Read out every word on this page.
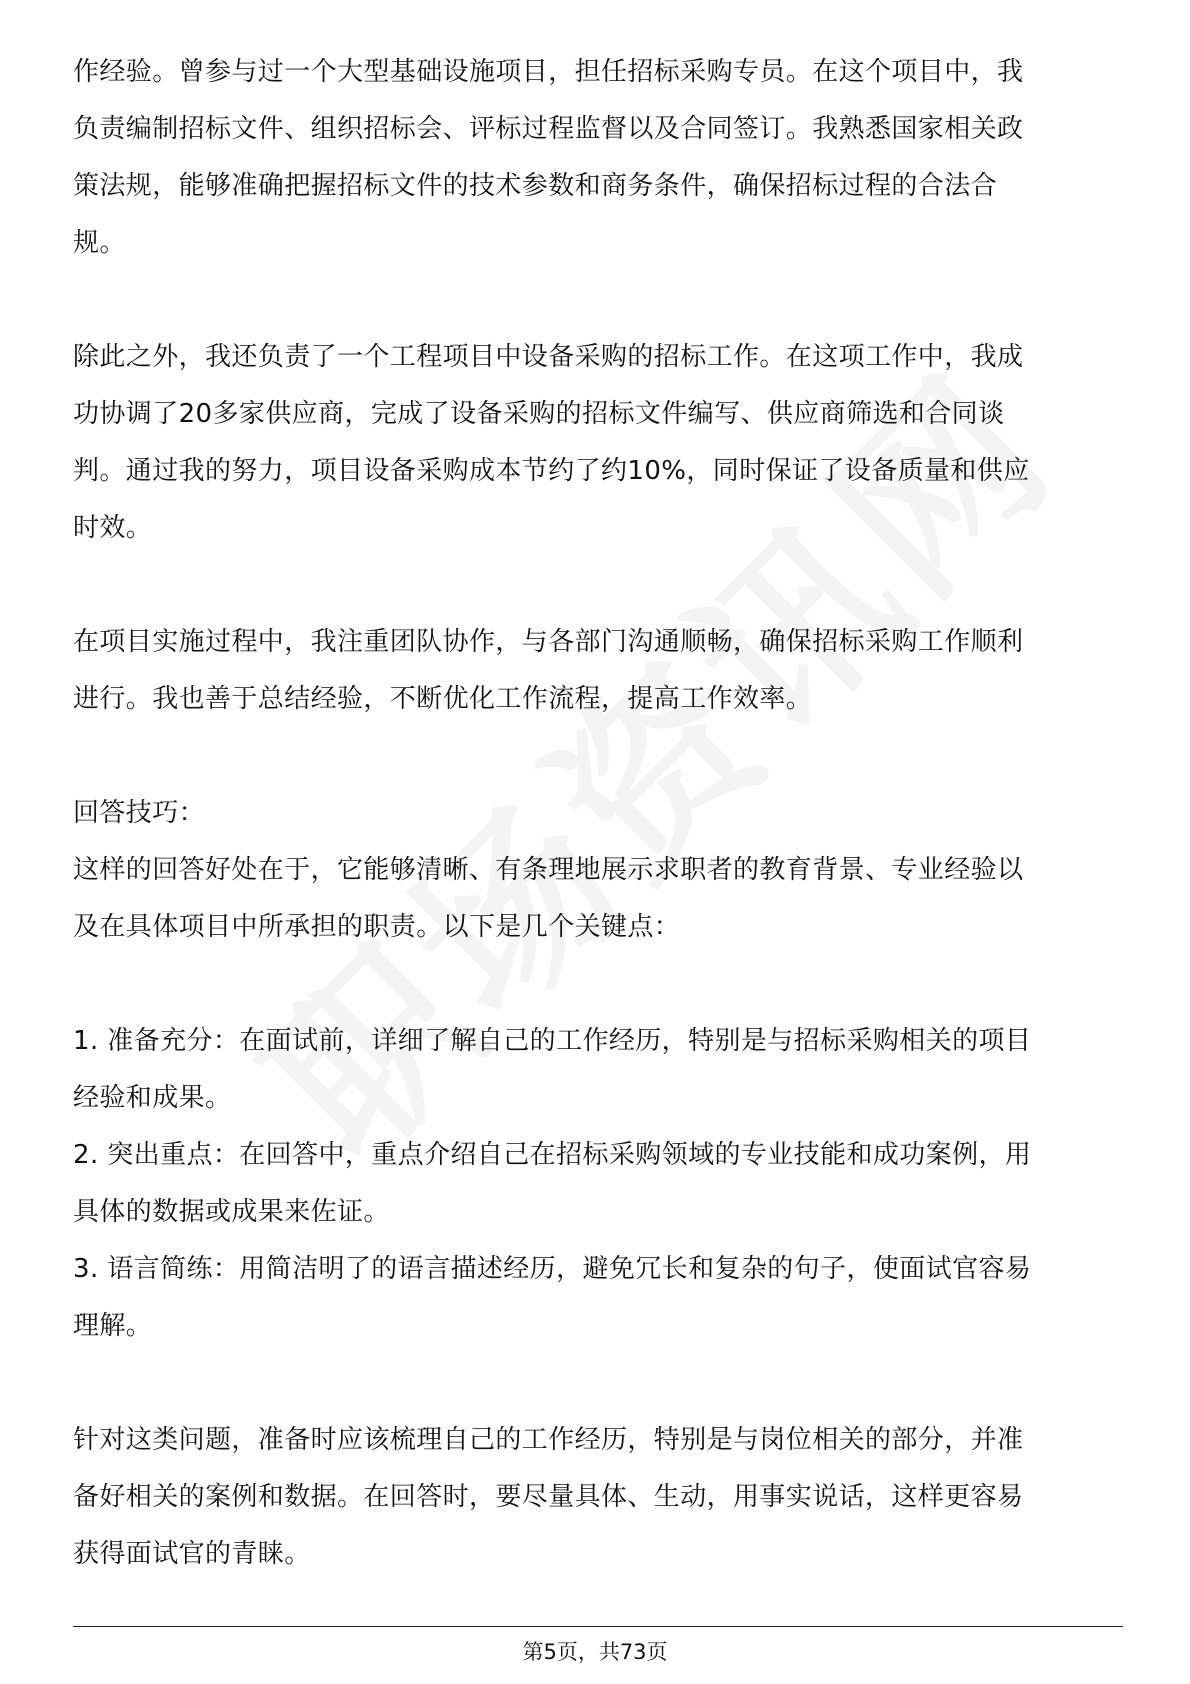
作经验。曾参与过一个大型基础设施项目，担任招标采购专员。在这个项目中，我

负责编制招标文件、组织招标会、评标过程监督以及合同签订。我熟悉国家相关政

策法规，能够准确把握招标文件的技术参数和商务条件，确保招标过程的合法合

规。

除此之外，我还负责了一个工程项目中设备采购的招标工作。在这项工作中，我成

功协调了20多家供应商，完成了设备采购的招标文件编写、供应商筛选和合同谈

判。通过我的努力，项目设备采购成本节约了约10%，同时保证了设备质量和供应

时效。

在项目实施过程中，我注重团队协作，与各部门沟通顺畅，确保招标采购工作顺利

进行。我也善于总结经验，不断优化工作流程，提高工作效率。

回答技巧：

这样的回答好处在于，它能够清晰、有条理地展示求职者的教育背景、专业经验以

及在具体项目中所承担的职责。以下是几个关键点：

1. 准备充分：在面试前，详细了解自己的工作经历，特别是与招标采购相关的项目

经验和成果。

2. 突出重点：在回答中，重点介绍自己在招标采购领域的专业技能和成功案例，用

具体的数据或成果来佐证。

3. 语言简练：用简洁明了的语言描述经历，避免冗长和复杂的句子，使面试官容易

理解。

针对这类问题，准备时应该梳理自己的工作经历，特别是与岗位相关的部分，并准

备好相关的案例和数据。在回答时，要尽量具体、生动，用事实说话，这样更容易

获得面试官的青睐。

第5页，共73页
